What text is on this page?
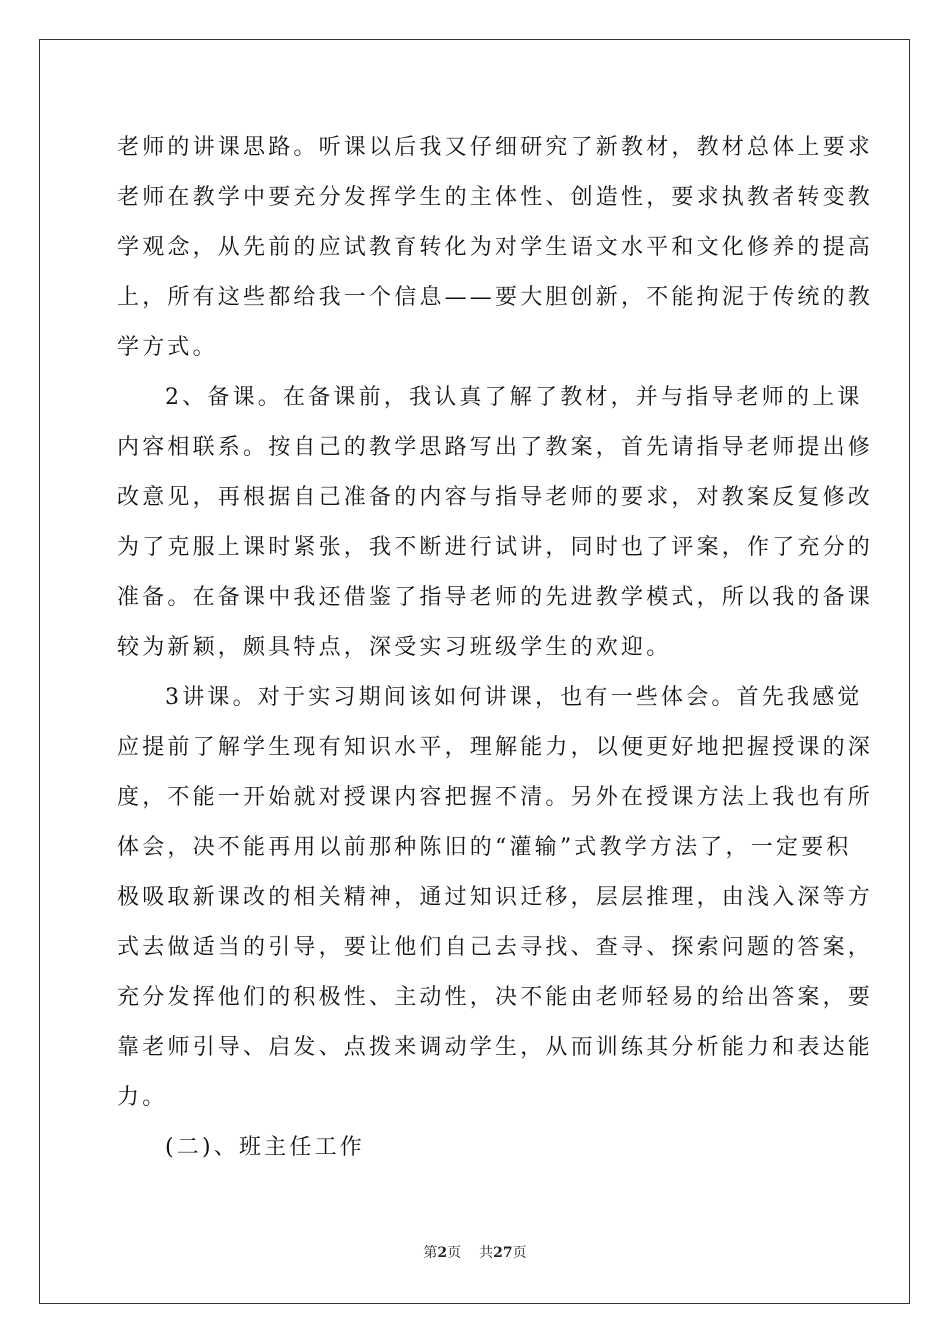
老师的讲课思路。听课以后我又仔细研究了新教材，教材总体上要求
老师在教学中要充分发挥学生的主体性、创造性，要求执教者转变教
学观念，从先前的应试教育转化为对学生语文水平和文化修养的提高
上，所有这些都给我一个信息——要大胆创新，不能拘泥于传统的教
学方式。
2、备课。在备课前，我认真了解了教材，并与指导老师的上课
内容相联系。按自己的教学思路写出了教案，首先请指导老师提出修
改意见，再根据自己准备的内容与指导老师的要求，对教案反复修改
为了克服上课时紧张，我不断进行试讲，同时也了评案，作了充分的
准备。在备课中我还借鉴了指导老师的先进教学模式，所以我的备课
较为新颖，颇具特点，深受实习班级学生的欢迎。
3讲课。对于实习期间该如何讲课，也有一些体会。首先我感觉
应提前了解学生现有知识水平，理解能力，以便更好地把握授课的深
度，不能一开始就对授课内容把握不清。另外在授课方法上我也有所
体会，决不能再用以前那种陈旧的“灌输”式教学方法了，一定要积
极吸取新课改的相关精神，通过知识迁移，层层推理，由浅入深等方
式去做适当的引导，要让他们自己去寻找、查寻、探索问题的答案，
充分发挥他们的积极性、主动性，决不能由老师轻易的给出答案，要
靠老师引导、启发、点拨来调动学生，从而训练其分析能力和表达能
力。
(二)、班主任工作
第2页 共27页
